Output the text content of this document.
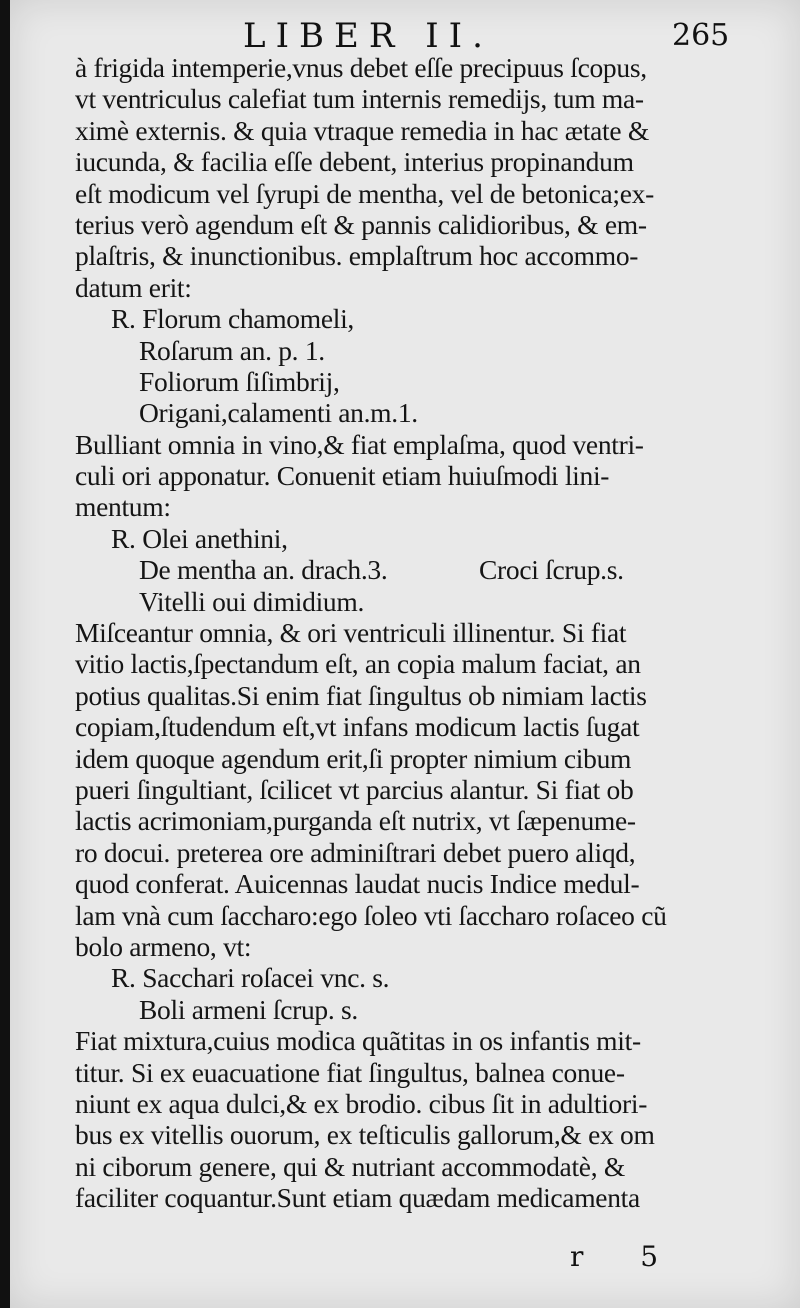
LIBER II.	265
à frigida intemperie,vnus debet eſſe precipuus ſcopus,
vt ventriculus calefiat tum internis remedijs, tum ma-
ximè externis. & quia vtraque remedia in hac ætate &
iucunda, & facilia eſſe debent, interius propinandum
eſt modicum vel ſyrupi de mentha, vel de betonica;ex-
terius verò agendum eſt & pannis calidioribus, & em-
plaſtris, & inunctionibus. emplaſtrum hoc accommo-
datum erit:
R. Florum chamomeli,
Roſarum an. p. 1.
Foliorum ſiſimbrij,
Origani,calamenti an.m.1.
Bulliant omnia in vino,& fiat emplaſma, quod ventri-
culi ori apponatur. Conuenit etiam huiuſmodi lini-
mentum:
R. Olei anethini,
De mentha an. drach.3.	Croci ſcrup.s.
Vitelli oui dimidium.
Miſceantur omnia, & ori ventriculi illinentur. Si fiat
vitio lactis,ſpectandum eſt, an copia malum faciat, an
potius qualitas.Si enim fiat ſingultus ob nimiam lactis
copiam,ſtudendum eſt,vt infans modicum lactis ſugat
idem quoque agendum erit,ſi propter nimium cibum
pueri ſingultiant, ſcilicet vt parcius alantur. Si fiat ob
lactis acrimoniam,purganda eſt nutrix, vt ſæpenume-
ro docui. preterea ore adminiſtrari debet puero aliqd,
quod conferat. Auicennas laudat nucis Indice medul-
lam vnà cum ſaccharo:ego ſoleo vti ſaccharo roſaceo cũ
bolo armeno, vt:
R. Sacchari roſacei vnc. s.
Boli armeni ſcrup. s.
Fiat mixtura,cuius modica quãtitas in os infantis mit-
titur. Si ex euacuatione fiat ſingultus, balnea conue-
niunt ex aqua dulci,& ex brodio. cibus ſit in adultiori-
bus ex vitellis ouorum, ex teſticulis gallorum,& ex om
ni ciborum genere, qui & nutriant accommodatè, &
faciliter coquantur.Sunt etiam quædam medicamenta
r 5
